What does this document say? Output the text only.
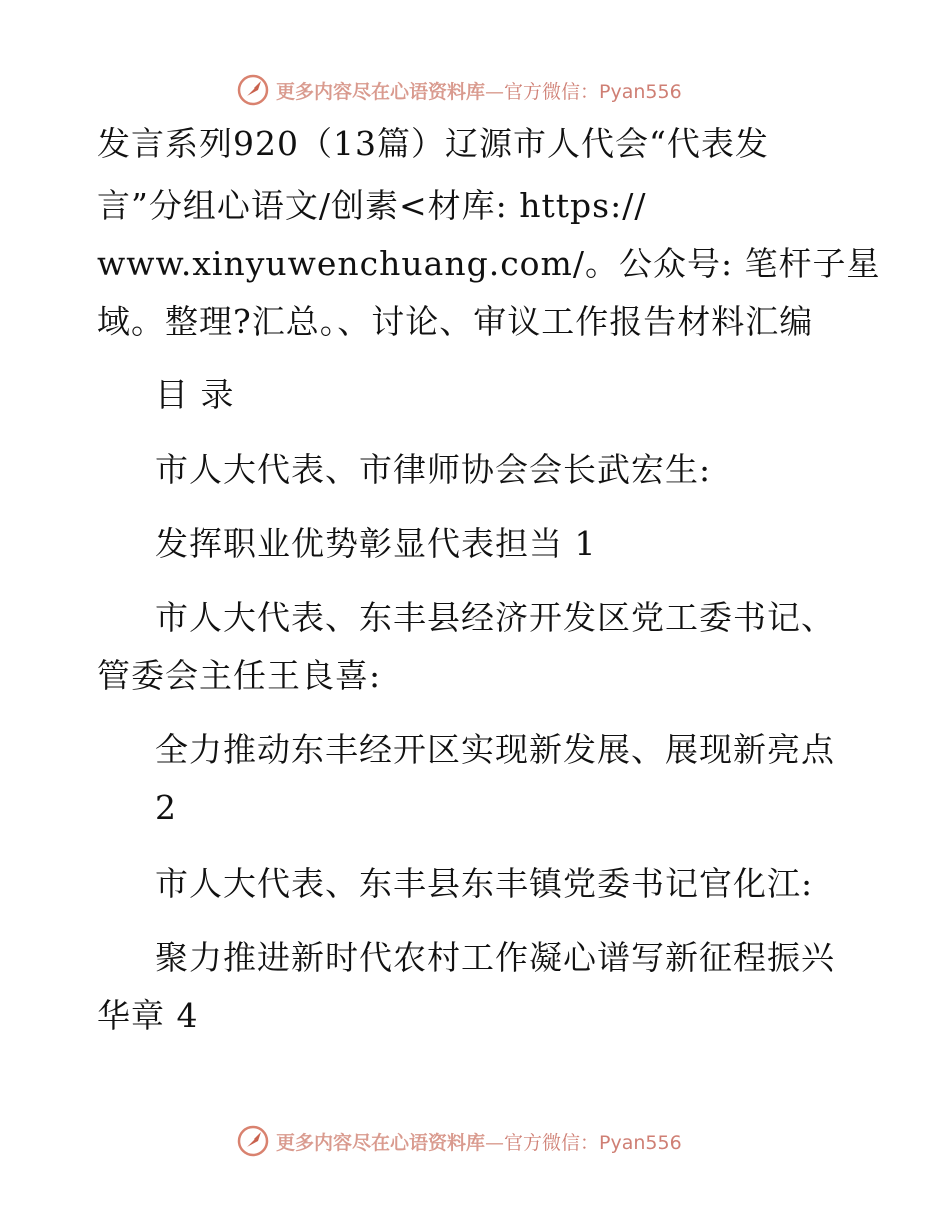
更多内容尽在心语资料库—官方微信：Pyan556
发言系列920（13篇）辽源市人代会“代表发
言”分组心语文/创素<材库: https://
www.xinyuwenchuang.com/。公众号: 笔杆子星
域。整理?汇总。、讨论、审议工作报告材料汇编
目 录
市人大代表、市律师协会会长武宏生:
发挥职业优势彰显代表担当 1
市人大代表、东丰县经济开发区党工委书记、
管委会主任王良喜:
全力推动东丰经开区实现新发展、展现新亮点
2
市人大代表、东丰县东丰镇党委书记官化江:
聚力推进新时代农村工作凝心谱写新征程振兴
华章 4
更多内容尽在心语资料库—官方微信：Pyan556
